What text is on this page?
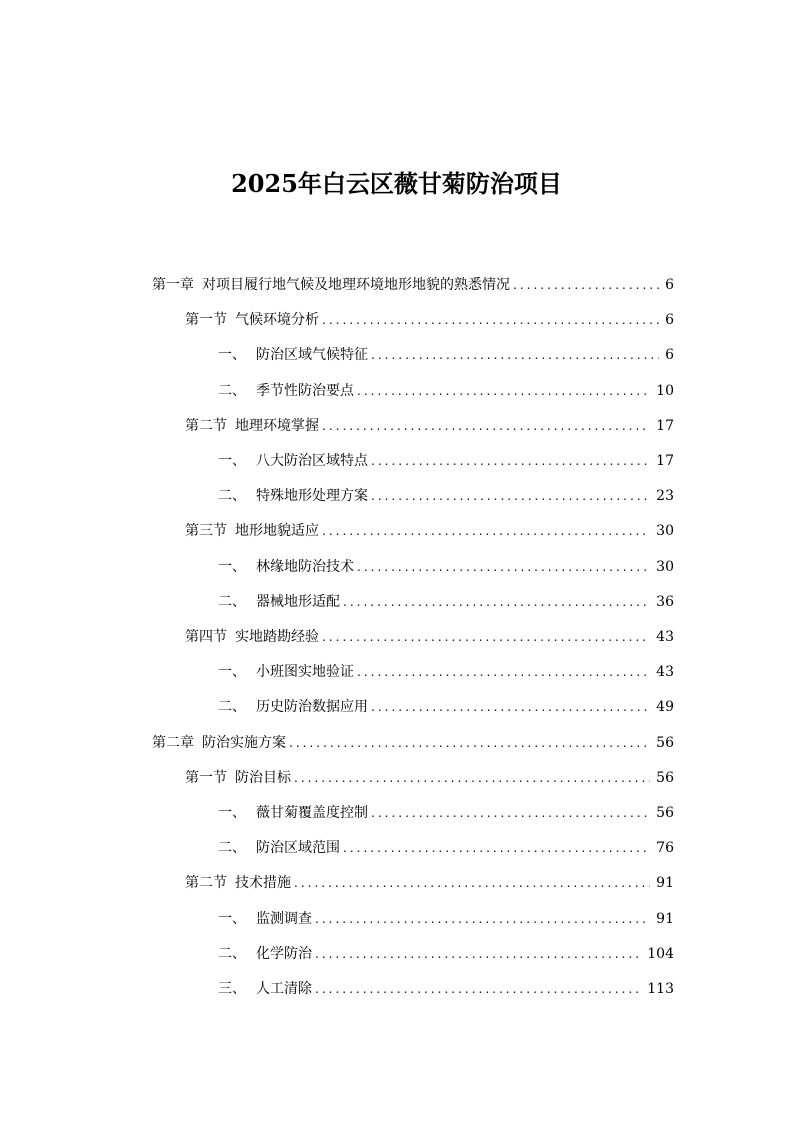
2025年白云区薇甘菊防治项目
第一章 对项目履行地气候及地理环境地形地貌的熟悉情况 .....	6
第一节 气候环境分析 .....	6
一、 防治区域气候特征 .....	6
二、 季节性防治要点 .....	10
第二节 地理环境掌握 .....	17
一、 八大防治区域特点 .....	17
二、 特殊地形处理方案 .....	23
第三节 地形地貌适应 .....	30
一、 林缘地防治技术 .....	30
二、 器械地形适配 .....	36
第四节 实地踏勘经验 .....	43
一、 小班图实地验证 .....	43
二、 历史防治数据应用 .....	49
第二章 防治实施方案 .....	56
第一节 防治目标 .....	56
一、 薇甘菊覆盖度控制 .....	56
二、 防治区域范围 .....	76
第二节 技术措施 .....	91
一、 监测调查 .....	91
二、 化学防治 .....	104
三、 人工清除 .....	113
